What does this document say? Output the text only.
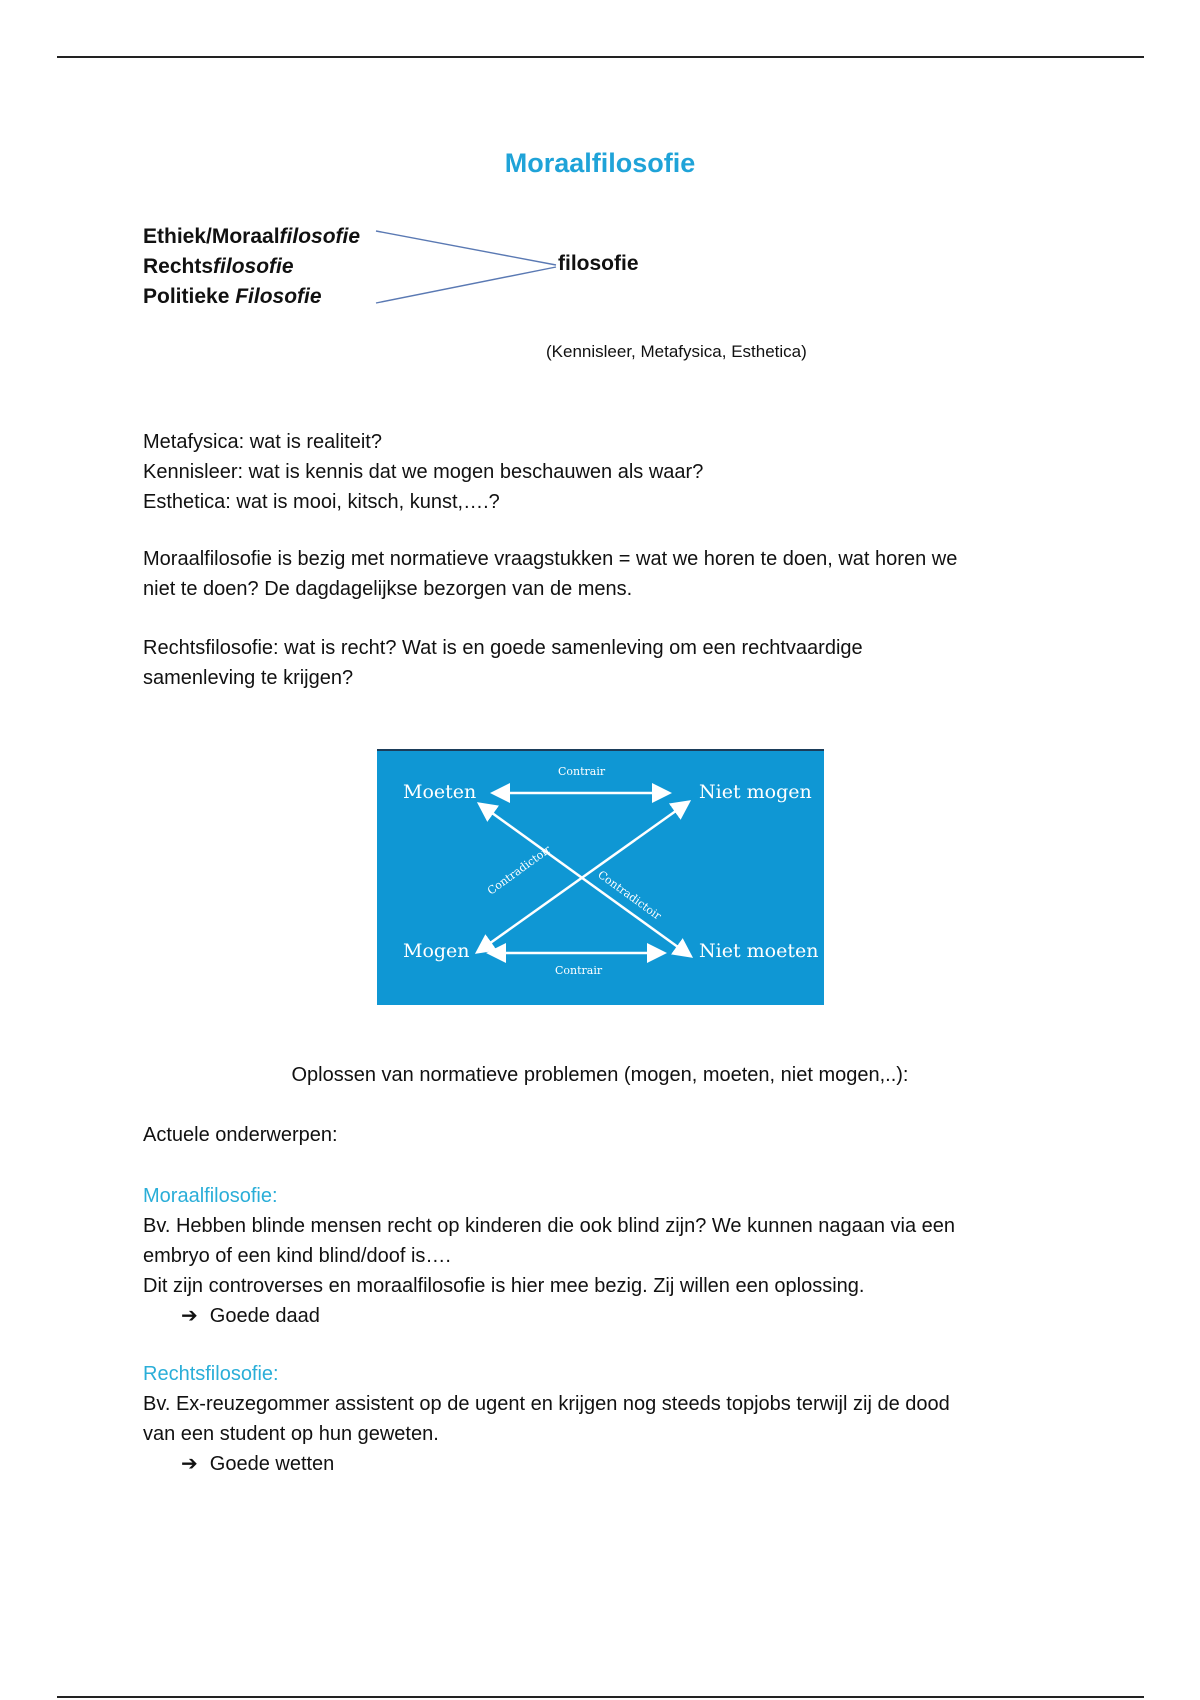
Moraalfilosofie
Ethiek/Moraalfilosofie
Rechtsfilosofie
Politieke Filosofie
filosofie
(Kennisleer, Metafysica, Esthetica)
Metafysica: wat is realiteit?
Kennisleer: wat is kennis dat we mogen beschauwen als waar?
Esthetica: wat is mooi, kitsch, kunst,….?
Moraalfilosofie is bezig met normatieve vraagstukken = wat we horen te doen, wat horen we
niet te doen? De dagdagelijkse bezorgen van de mens.
Rechtsfilosofie: wat is recht? Wat is en goede samenleving om een rechtvaardige
samenleving te krijgen?
Moeten	Niet mogen
Mogen	Niet moeten
Contrair
Contrair
Contradictoir	Contradictoir
Oplossen van normatieve problemen (mogen, moeten, niet mogen,..):
Actuele onderwerpen:
Moraalfilosofie:
Bv. Hebben blinde mensen recht op kinderen die ook blind zijn? We kunnen nagaan via een
embryo of een kind blind/doof is….
Dit zijn controverses en moraalfilosofie is hier mee bezig. Zij willen een oplossing.
➔ Goede daad
Rechtsfilosofie:
Bv. Ex-reuzegommer assistent op de ugent en krijgen nog steeds topjobs terwijl zij de dood
van een student op hun geweten.
➔ Goede wetten
